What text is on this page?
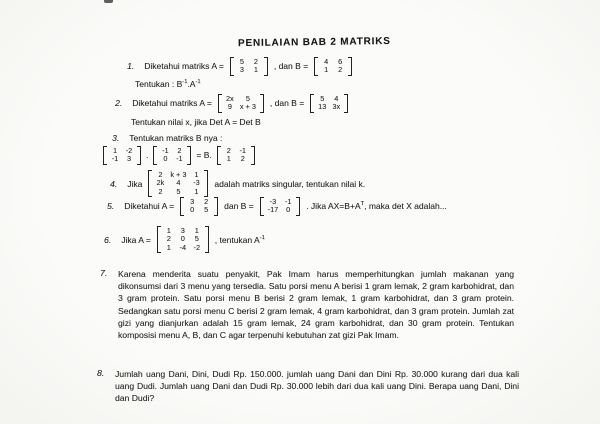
PENILAIAN BAB 2 MATRIKS
1. Diketahui matriks A = 5	2
3	1 , dan B = 4	6
1	2

Tentukan : $B^{-1}.A^{-1}$
2. Diketahui matriks A = 2x	5
9	x + 3 , dan B = 5	4
13	3x

Tentukan nilai x, jika Det A = Det B
3. Tentukan matriks B nya :
1	-2
-1	3 . -1	2
0	-1 = B. 2	-1
1	2

4. Jika
2	k + 3	1
2k	4	-3
2	5	1

adalah matriks singular, tentukan nilai k.
5. Diketahui A = 3	2
0	5 dan B = -3	-1
-17	0 . Jika $AX=B+A^T$, maka det X adalah...
6. Jika A =
1	3	1
2	0	5
1	-4	-2

, tentukan $A^{-1}$
7.	Karena menderita suatu penyakit, Pak Imam harus memperhitungkan jumlah makanan yang dikonsumsi dari 3 menu yang tersedia. Satu porsi menu A berisi 1 gram lemak, 2 gram karbohidrat, dan 3 gram protein. Satu porsi menu B berisi 2 gram lemak, 1 gram karbohidrat, dan 3 gram protein. Sedangkan satu porsi menu C berisi 2 gram lemak, 4 gram karbohidrat, dan 3 gram protein. Jumlah zat gizi yang dianjurkan adalah 15 gram lemak, 24 gram karbohidrat, dan 30 gram protein. Tentukan komposisi menu A, B, dan C agar terpenuhi kebutuhan zat gizi Pak Imam.
8.	Jumlah uang Dani, Dini, Dudi Rp. 150.000. jumlah uang Dani dan Dini Rp. 30.000 kurang dari dua kali uang Dudi. Jumlah uang Dani dan Dudi Rp. 30.000 lebih dari dua kali uang Dini. Berapa uang Dani, Dini dan Dudi?
